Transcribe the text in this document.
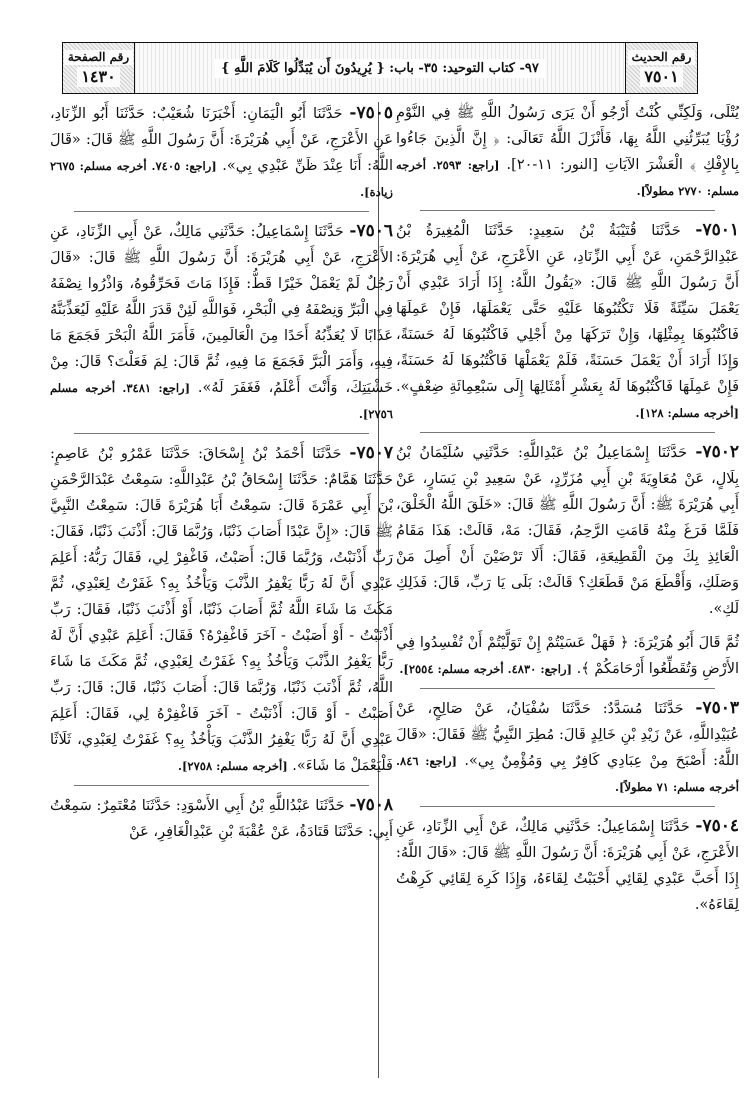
رقم الصفحة
١٤٣٠	٩٧- كتاب التوحيد: ٣٥- باب: { يُرِيدُونَ أَن يُبَدِّلُوا كَلَامَ اللَّهِ }
رقم الحديث
٧٥٠١

يُتْلَى، وَلَكِنِّي كُنْتُ أَرْجُو أَنْ يَرَى رَسُولُ اللَّهِ ﷺ فِي النَّوْمِ رُؤْيَا يُبَرِّئُنِي اللَّهُ بِهَا، فَأَنْزَلَ اللَّهُ تَعَالَى: ﴿ إِنَّ الَّذِينَ جَاءُوا بِالإِفْكِ ﴾ الْعَشْرَ الآيَاتِ [النور: ١١-٢٠]. [راجع: ٢٥٩٣. أخرجه مسلم: ٢٧٧٠ مطولاً].

٧٥٠١- حَدَّثَنَا قُتَيْبَةُ بْنُ سَعِيدٍ: حَدَّثَنَا الْمُغِيرَةُ بْنُ عَبْدِالرَّحْمَنِ، عَنْ أَبِي الزِّنَادِ، عَنِ الأَعْرَجِ، عَنْ أَبِي هُرَيْرَةَ: أَنَّ رَسُولَ اللَّهِ ﷺ قَالَ: «يَقُولُ اللَّهُ: إِذَا أَرَادَ عَبْدِي أَنْ يَعْمَلَ سَيِّئَةً فَلَا تَكْتُبُوهَا عَلَيْهِ حَتَّى يَعْمَلَهَا، فَإِنْ عَمِلَهَا فَاكْتُبُوهَا بِمِثْلِهَا، وَإِنْ تَرَكَهَا مِنْ أَجْلِي فَاكْتُبُوهَا لَهُ حَسَنَةً، وَإِذَا أَرَادَ أَنْ يَعْمَلَ حَسَنَةً، فَلَمْ يَعْمَلْهَا فَاكْتُبُوهَا لَهُ حَسَنَةً، فَإِنْ عَمِلَهَا فَاكْتُبُوهَا لَهُ بِعَشْرِ أَمْثَالِهَا إِلَى سَبْعِمِائَةِ ضِعْفٍ». [أخرجه مسلم: ١٢٨].

٧٥٠٢- حَدَّثَنَا إِسْمَاعِيلُ بْنُ عَبْدِاللَّهِ: حَدَّثَنِي سُلَيْمَانُ بْنُ بِلَالٍ، عَنْ مُعَاوِيَةَ بْنِ أَبِي مُزَرِّدٍ، عَنْ سَعِيدِ بْنِ يَسَارٍ، عَنْ أَبِي هُرَيْرَةَ ﷺ: أَنَّ رَسُولَ اللَّهِ ﷺ قَالَ: «خَلَقَ اللَّهُ الْخَلْقَ، فَلَمَّا فَرَغَ مِنْهُ قَامَتِ الرَّحِمُ، فَقَالَ: مَهْ، قَالَتْ: هَذَا مَقَامُ الْعَائِذِ بِكَ مِنَ الْقَطِيعَةِ، فَقَالَ: أَلَا تَرْضَيْنَ أَنْ أَصِلَ مَنْ وَصَلَكِ، وَأَقْطَعَ مَنْ قَطَعَكِ؟ قَالَتْ: بَلَى يَا رَبِّ، قَالَ: فَذَلِكِ لَكِ».

ثُمَّ قَالَ أَبُو هُرَيْرَةَ: ﴿ فَهَلْ عَسَيْتُمْ إِنْ تَوَلَّيْتُمْ أَنْ تُفْسِدُوا فِي الأَرْضِ وَتُقَطِّعُوا أَرْحَامَكُمْ ﴾. [راجع: ٤٨٣٠. أخرجه مسلم: ٢٥٥٤].

٧٥٠٣- حَدَّثَنَا مُسَدَّدٌ: حَدَّثَنَا سُفْيَانُ، عَنْ صَالِحٍ، عَنْ عُبَيْدِاللَّهِ، عَنْ زَيْدِ بْنِ خَالِدٍ قَالَ: مُطِرَ النَّبِيُّ ﷺ فَقَالَ: «قَالَ اللَّهُ: أَصْبَحَ مِنْ عِبَادِي كَافِرٌ بِي وَمُؤْمِنٌ بِي». [راجع: ٨٤٦. أخرجه مسلم: ٧١ مطولاً].

٧٥٠٤- حَدَّثَنَا إِسْمَاعِيلُ: حَدَّثَنِي مَالِكٌ، عَنْ أَبِي الزِّنَادِ، عَنِ الأَعْرَجِ، عَنْ أَبِي هُرَيْرَةَ: أَنَّ رَسُولَ اللَّهِ ﷺ قَالَ: «قَالَ اللَّهُ: إِذَا أَحَبَّ عَبْدِي لِقَائِي أَحْبَبْتُ لِقَاءَهُ، وَإِذَا كَرِهَ لِقَائِي كَرِهْتُ لِقَاءَهُ».

٧٥٠٥- حَدَّثَنَا أَبُو الْيَمَانِ: أَخْبَرَنَا شُعَيْبٌ: حَدَّثَنَا أَبُو الزِّنَادِ، عَنِ الأَعْرَجِ، عَنْ أَبِي هُرَيْرَةَ: أَنَّ رَسُولَ اللَّهِ ﷺ قَالَ: «قَالَ اللَّهُ: أَنَا عِنْدَ ظَنِّ عَبْدِي بِي». [راجع: ٧٤٠٥. أخرجه مسلم: ٢٦٧٥ زيادة].

٧٥٠٦- حَدَّثَنَا إِسْمَاعِيلُ: حَدَّثَنِي مَالِكٌ، عَنْ أَبِي الزِّنَادِ، عَنِ الأَعْرَجِ، عَنْ أَبِي هُرَيْرَةَ: أَنَّ رَسُولَ اللَّهِ ﷺ قَالَ: «قَالَ رَجُلٌ لَمْ يَعْمَلْ خَيْرًا قَطُّ: فَإِذَا مَاتَ فَحَرِّقُوهُ، وَاذْرُوا نِصْفَهُ فِي الْبَرِّ وَنِصْفَهُ فِي الْبَحْرِ، فَوَاللَّهِ لَئِنْ قَدَرَ اللَّهُ عَلَيْهِ لَيُعَذِّبَنَّهُ عَذَابًا لَا يُعَذِّبُهُ أَحَدًا مِنَ الْعَالَمِينَ، فَأَمَرَ اللَّهُ الْبَحْرَ فَجَمَعَ مَا فِيهِ، وَأَمَرَ الْبَرَّ فَجَمَعَ مَا فِيهِ، ثُمَّ قَالَ: لِمَ فَعَلْتَ؟ قَالَ: مِنْ خَشْيَتِكَ، وَأَنْتَ أَعْلَمُ، فَغَفَرَ لَهُ». [راجع: ٣٤٨١. أخرجه مسلم ٢٧٥٦].

٧٥٠٧- حَدَّثَنَا أَحْمَدُ بْنُ إِسْحَاقَ: حَدَّثَنَا عَمْرُو بْنُ عَاصِمٍ: حَدَّثَنَا هَمَّامٌ: حَدَّثَنَا إِسْحَاقُ بْنُ عَبْدِاللَّهِ: سَمِعْتُ عَبْدَالرَّحْمَنِ بْنَ أَبِي عَمْرَةَ قَالَ: سَمِعْتُ أَبَا هُرَيْرَةَ قَالَ: سَمِعْتُ النَّبِيَّ ﷺ قَالَ: «إِنَّ عَبْدًا أَصَابَ ذَنْبًا، وَرُبَّمَا قَالَ: أَذْنَبَ ذَنْبًا، فَقَالَ: رَبِّ أَذْنَبْتُ، وَرُبَّمَا قَالَ: أَصَبْتُ، فَاغْفِرْ لِي، فَقَالَ رَبُّهُ: أَعَلِمَ عَبْدِي أَنَّ لَهُ رَبًّا يَغْفِرُ الذَّنْبَ وَيَأْخُذُ بِهِ؟ غَفَرْتُ لِعَبْدِي، ثُمَّ مَكَثَ مَا شَاءَ اللَّهُ ثُمَّ أَصَابَ ذَنْبًا، أَوْ أَذْنَبَ ذَنْبًا، فَقَالَ: رَبِّ أَذْنَبْتُ - أَوْ أَصَبْتُ - آخَرَ فَاغْفِرْهُ؟ فَقَالَ: أَعَلِمَ عَبْدِي أَنَّ لَهُ رَبًّا يَغْفِرُ الذَّنْبَ وَيَأْخُذُ بِهِ؟ غَفَرْتُ لِعَبْدِي، ثُمَّ مَكَثَ مَا شَاءَ اللَّهُ، ثُمَّ أَذْنَبَ ذَنْبًا، وَرُبَّمَا قَالَ: أَصَابَ ذَنْبًا، قَالَ: قَالَ: رَبِّ أَصَبْتُ - أَوْ قَالَ: أَذْنَبْتُ - آخَرَ فَاغْفِرْهُ لِي، فَقَالَ: أَعَلِمَ عَبْدِي أَنَّ لَهُ رَبًّا يَغْفِرُ الذَّنْبَ وَيَأْخُذُ بِهِ؟ غَفَرْتُ لِعَبْدِي، ثَلَاثًا فَلْيَعْمَلْ مَا شَاءَ». [أخرجه مسلم: ٢٧٥٨].

٧٥٠٨- حَدَّثَنَا عَبْدُاللَّهِ بْنُ أَبِي الأَسْوَدِ: حَدَّثَنَا مُعْتَمِرٌ: سَمِعْتُ أَبِي: حَدَّثَنَا قَتَادَةُ، عَنْ عُقْبَةَ بْنِ عَبْدِالْغَافِرِ، عَنْ
